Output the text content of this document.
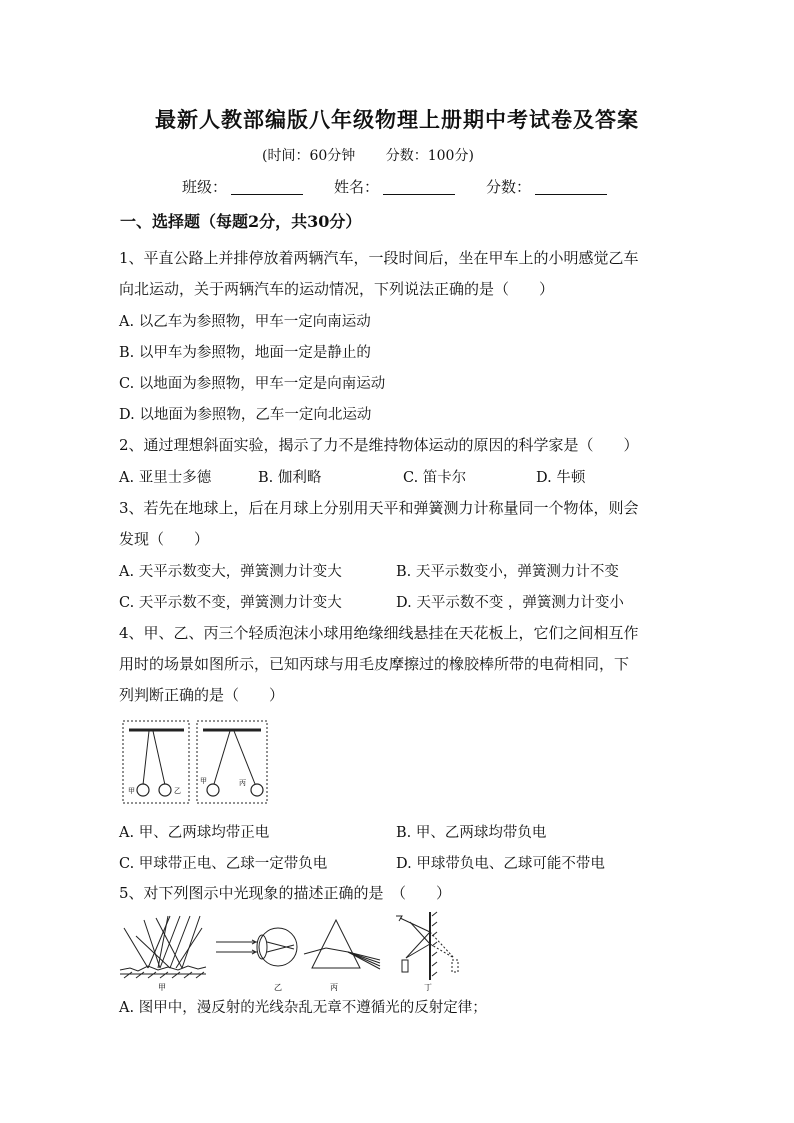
最新人教部编版八年级物理上册期中考试卷及答案
(时间：60分钟 分数：100分)
班级：	姓名：	分数：
一、选择题（每题2分，共30分）
1、平直公路上并排停放着两辆汽车，一段时间后，坐在甲车上的小明感觉乙车
向北运动，关于两辆汽车的运动情况，下列说法正确的是（　　）
A. 以乙车为参照物，甲车一定向南运动
B. 以甲车为参照物，地面一定是静止的
C. 以地面为参照物，甲车一定是向南运动
D. 以地面为参照物，乙车一定向北运动
2、通过理想斜面实验，揭示了力不是维持物体运动的原因的科学家是（　　）
A. 亚里士多德	B. 伽利略	C. 笛卡尔	D. 牛顿
3、若先在地球上，后在月球上分别用天平和弹簧测力计称量同一个物体，则会
发现（　　）
A. 天平示数变大，弹簧测力计变大	B. 天平示数变小，弹簧测力计不变
C. 天平示数不变，弹簧测力计变大	D. 天平示数不变 ，弹簧测力计变小
4、甲、乙、丙三个轻质泡沫小球用绝缘细线悬挂在天花板上，它们之间相互作
用时的场景如图所示，已知丙球与用毛皮摩擦过的橡胶棒所带的电荷相同，下
列判断正确的是（　　）
甲	乙
甲	丙
A. 甲、乙两球均带正电	B. 甲、乙两球均带负电
C. 甲球带正电、乙球一定带负电	D. 甲球带负电、乙球可能不带电
5、对下列图示中光现象的描述正确的是　（　　）
甲	乙	丙	丁
A. 图甲中，漫反射的光线杂乱无章不遵循光的反射定律；
